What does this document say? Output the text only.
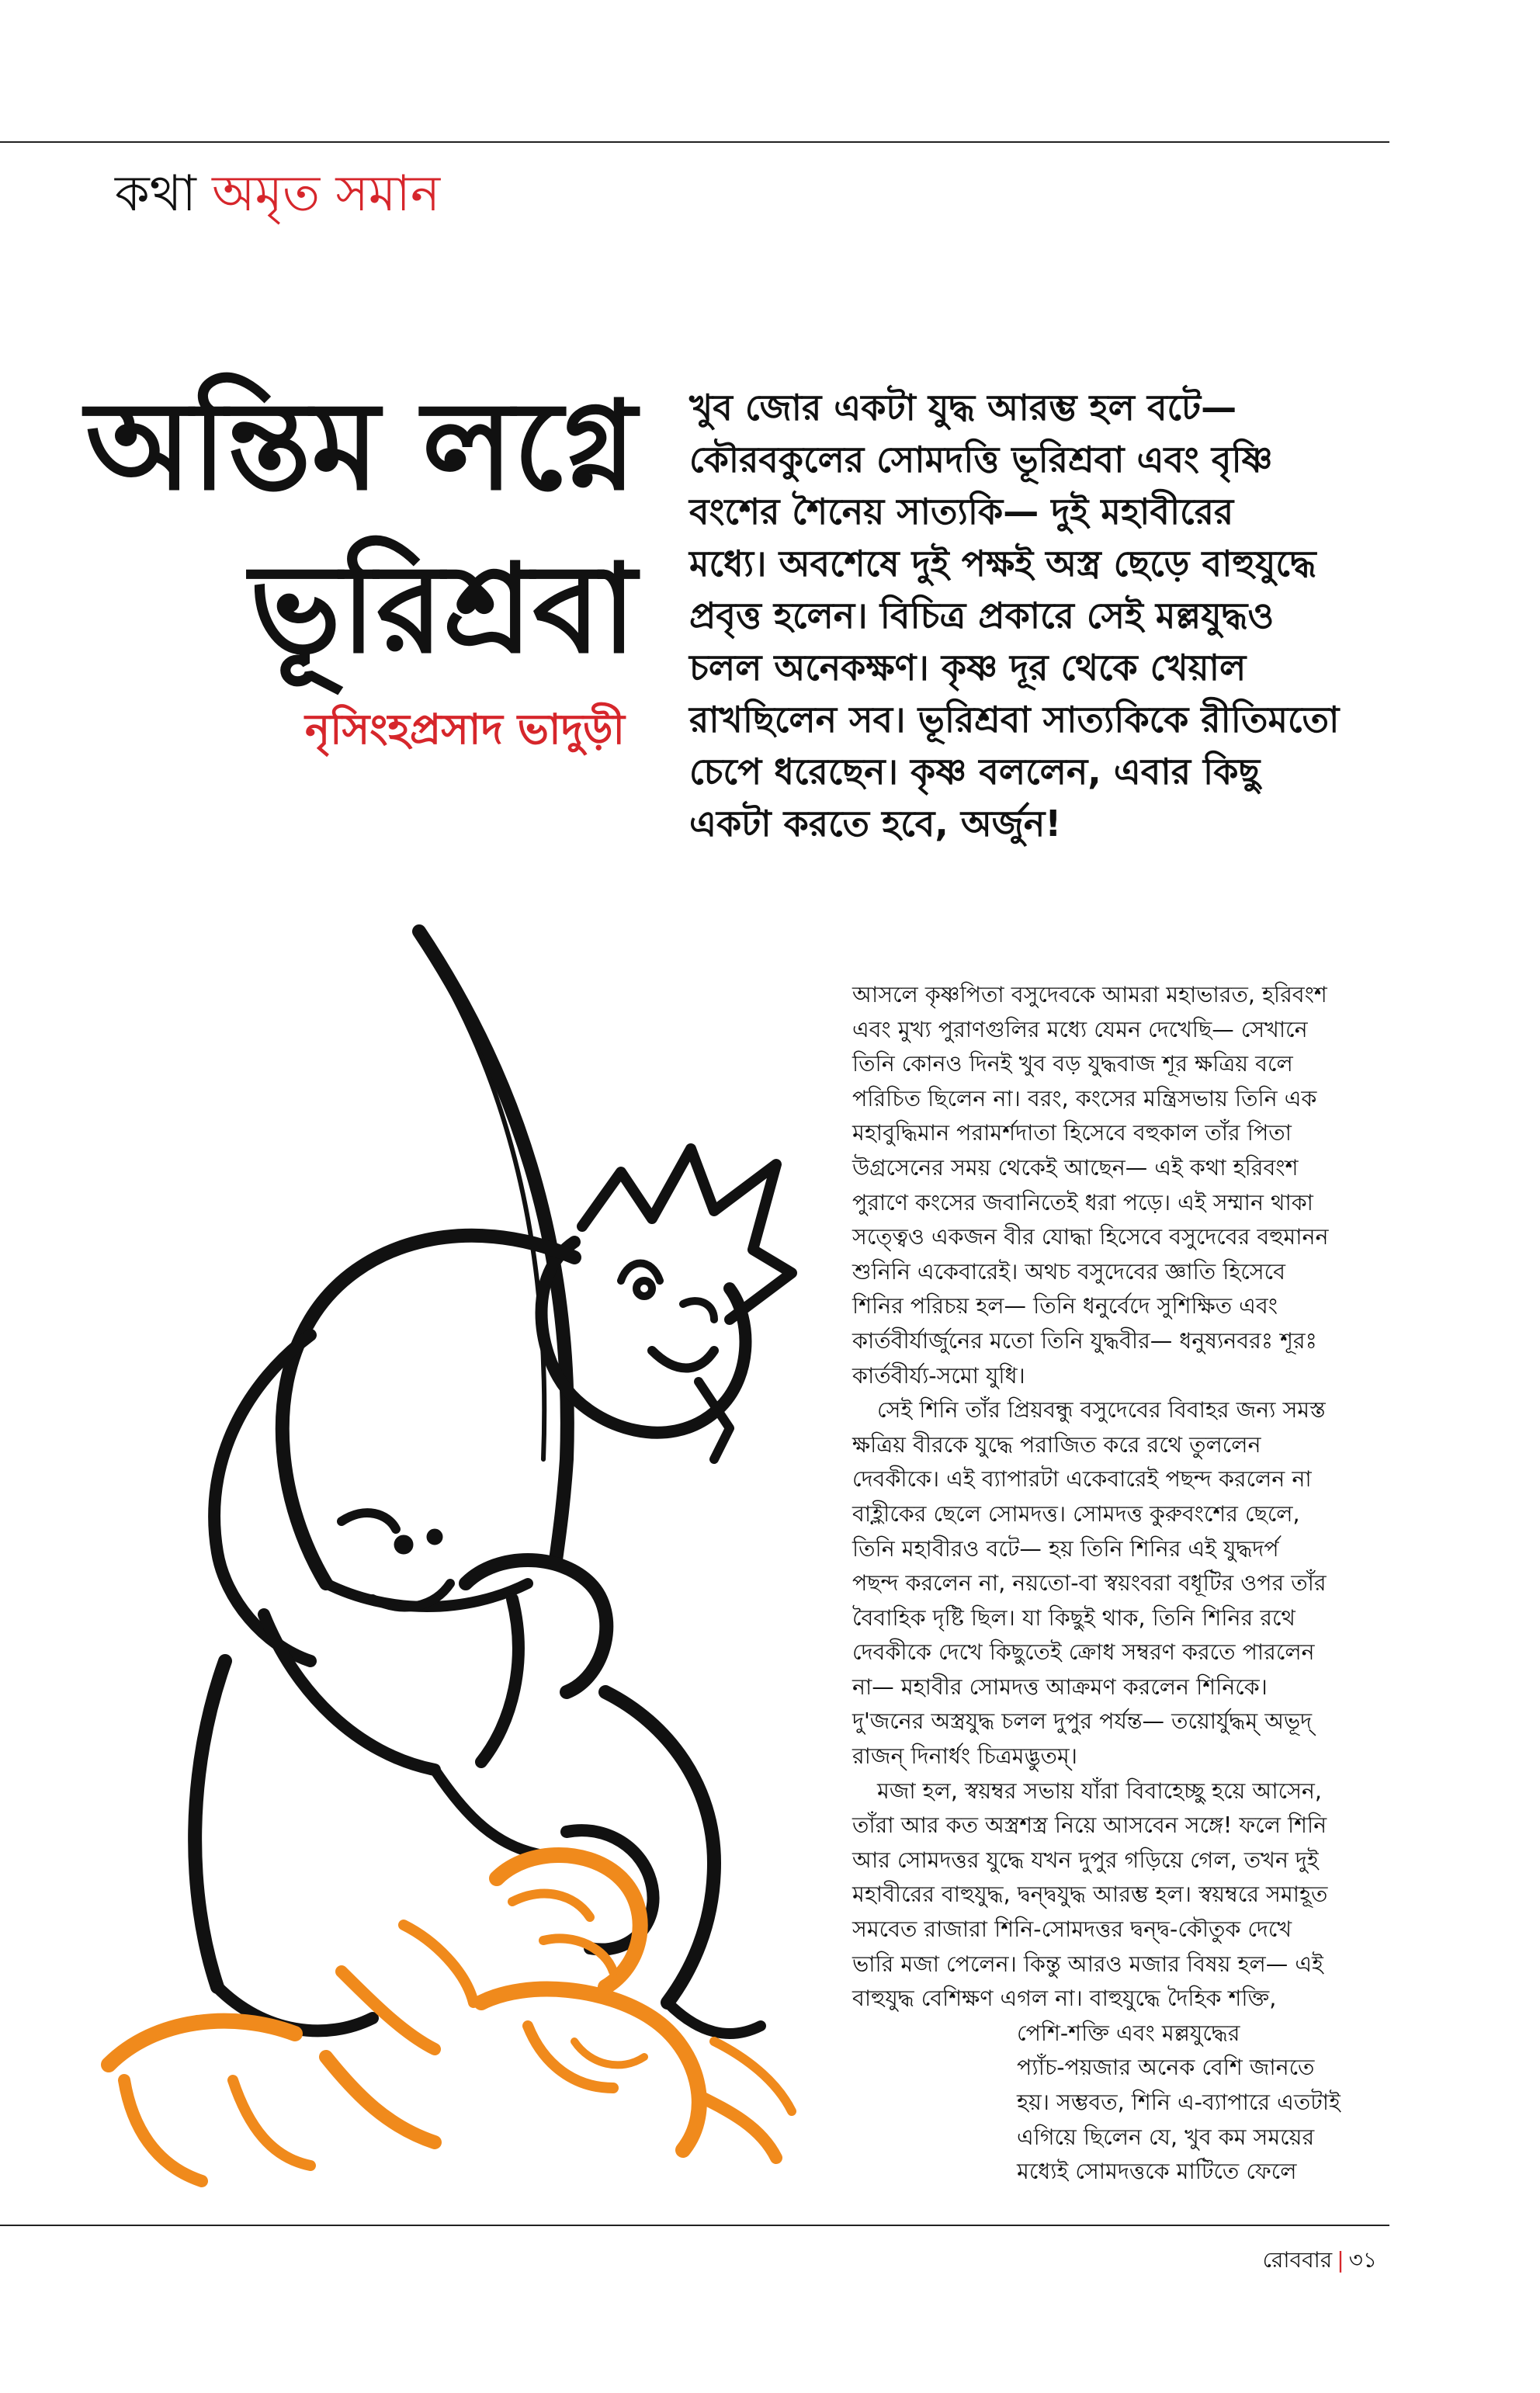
কথা অমৃত সমান
অন্তিম লগ্নে
ভূরিশ্রবা
নৃসিংহপ্রসাদ ভাদুড়ী
খুব জোর একটা যুদ্ধ আরম্ভ হল বটে—
কৌরবকুলের সোমদত্তি ভূরিশ্রবা এবং বৃষ্ণি
বংশের শৈনেয় সাত্যকি— দুই মহাবীরের
মধ্যে। অবশেষে দুই পক্ষই অস্ত্র ছেড়ে বাহুযুদ্ধে
প্রবৃত্ত হলেন। বিচিত্র প্রকারে সেই মল্লযুদ্ধও
চলল অনেকক্ষণ। কৃষ্ণ দূর থেকে খেয়াল
রাখছিলেন সব। ভূরিশ্রবা সাত্যকিকে রীতিমতো
চেপে ধরেছেন। কৃষ্ণ বললেন, এবার কিছু
একটা করতে হবে, অর্জুন!
আসলে কৃষ্ণপিতা বসুদেবকে আমরা মহাভারত, হরিবংশ
এবং মুখ্য পুরাণগুলির মধ্যে যেমন দেখেছি— সেখানে
তিনি কোনও দিনই খুব বড় যুদ্ধবাজ শূর ক্ষত্রিয় বলে
পরিচিত ছিলেন না। বরং, কংসের মন্ত্রিসভায় তিনি এক
মহাবুদ্ধিমান পরামর্শদাতা হিসেবে বহুকাল তাঁর পিতা
উগ্রসেনের সময় থেকেই আছেন— এই কথা হরিবংশ
পুরাণে কংসের জবানিতেই ধরা পড়ে। এই সম্মান থাকা
সত্ত্বেও একজন বীর যোদ্ধা হিসেবে বসুদেবের বহুমানন
শুনিনি একেবারেই। অথচ বসুদেবের জ্ঞাতি হিসেবে
শিনির পরিচয় হল— তিনি ধনুর্বেদে সুশিক্ষিত এবং
কার্তবীর্যার্জুনের মতো তিনি যুদ্ধবীর— ধনুষ্যনবরঃ শূরঃ
কার্তবীর্য্য-সমো যুধি।
সেই শিনি তাঁর প্রিয়বন্ধু বসুদেবের বিবাহর জন্য সমস্ত
ক্ষত্রিয় বীরকে যুদ্ধে পরাজিত করে রথে তুললেন
দেবকীকে। এই ব্যাপারটা একেবারেই পছন্দ করলেন না
বাহ্লীকের ছেলে সোমদত্ত। সোমদত্ত কুরুবংশের ছেলে,
তিনি মহাবীরও বটে— হয় তিনি শিনির এই যুদ্ধদর্প
পছন্দ করলেন না, নয়তো-বা স্বয়ংবরা বধূটির ওপর তাঁর
বৈবাহিক দৃষ্টি ছিল। যা কিছুই থাক, তিনি শিনির রথে
দেবকীকে দেখে কিছুতেই ক্রোধ সম্বরণ করতে পারলেন
না— মহাবীর সোমদত্ত আক্রমণ করলেন শিনিকে।
দু'জনের অস্ত্রযুদ্ধ চলল দুপুর পর্যন্ত— তয়োর্যুদ্ধম্ অভূদ্
রাজন্ দিনার্ধং চিত্রমদ্ভুতম্।
মজা হল, স্বয়ম্বর সভায় যাঁরা বিবাহেচ্ছু হয়ে আসেন,
তাঁরা আর কত অস্ত্রশস্ত্র নিয়ে আসবেন সঙ্গে! ফলে শিনি
আর সোমদত্তর যুদ্ধে যখন দুপুর গড়িয়ে গেল, তখন দুই
মহাবীরের বাহুযুদ্ধ, দ্বন্দ্বযুদ্ধ আরম্ভ হল। স্বয়ম্বরে সমাহূত
সমবেত রাজারা শিনি-সোমদত্তর দ্বন্দ্ব-কৌতুক দেখে
ভারি মজা পেলেন। কিন্তু আরও মজার বিষয় হল— এই
বাহুযুদ্ধ বেশিক্ষণ এগল না। বাহুযুদ্ধে দৈহিক শক্তি,
পেশি-শক্তি এবং মল্লযুদ্ধের
প্যাঁচ-পয়জার অনেক বেশি জানতে
হয়। সম্ভবত, শিনি এ-ব্যাপারে এতটাই
এগিয়ে ছিলেন যে, খুব কম সময়ের
মধ্যেই সোমদত্তকে মাটিতে ফেলে
রোববার | ৩১
